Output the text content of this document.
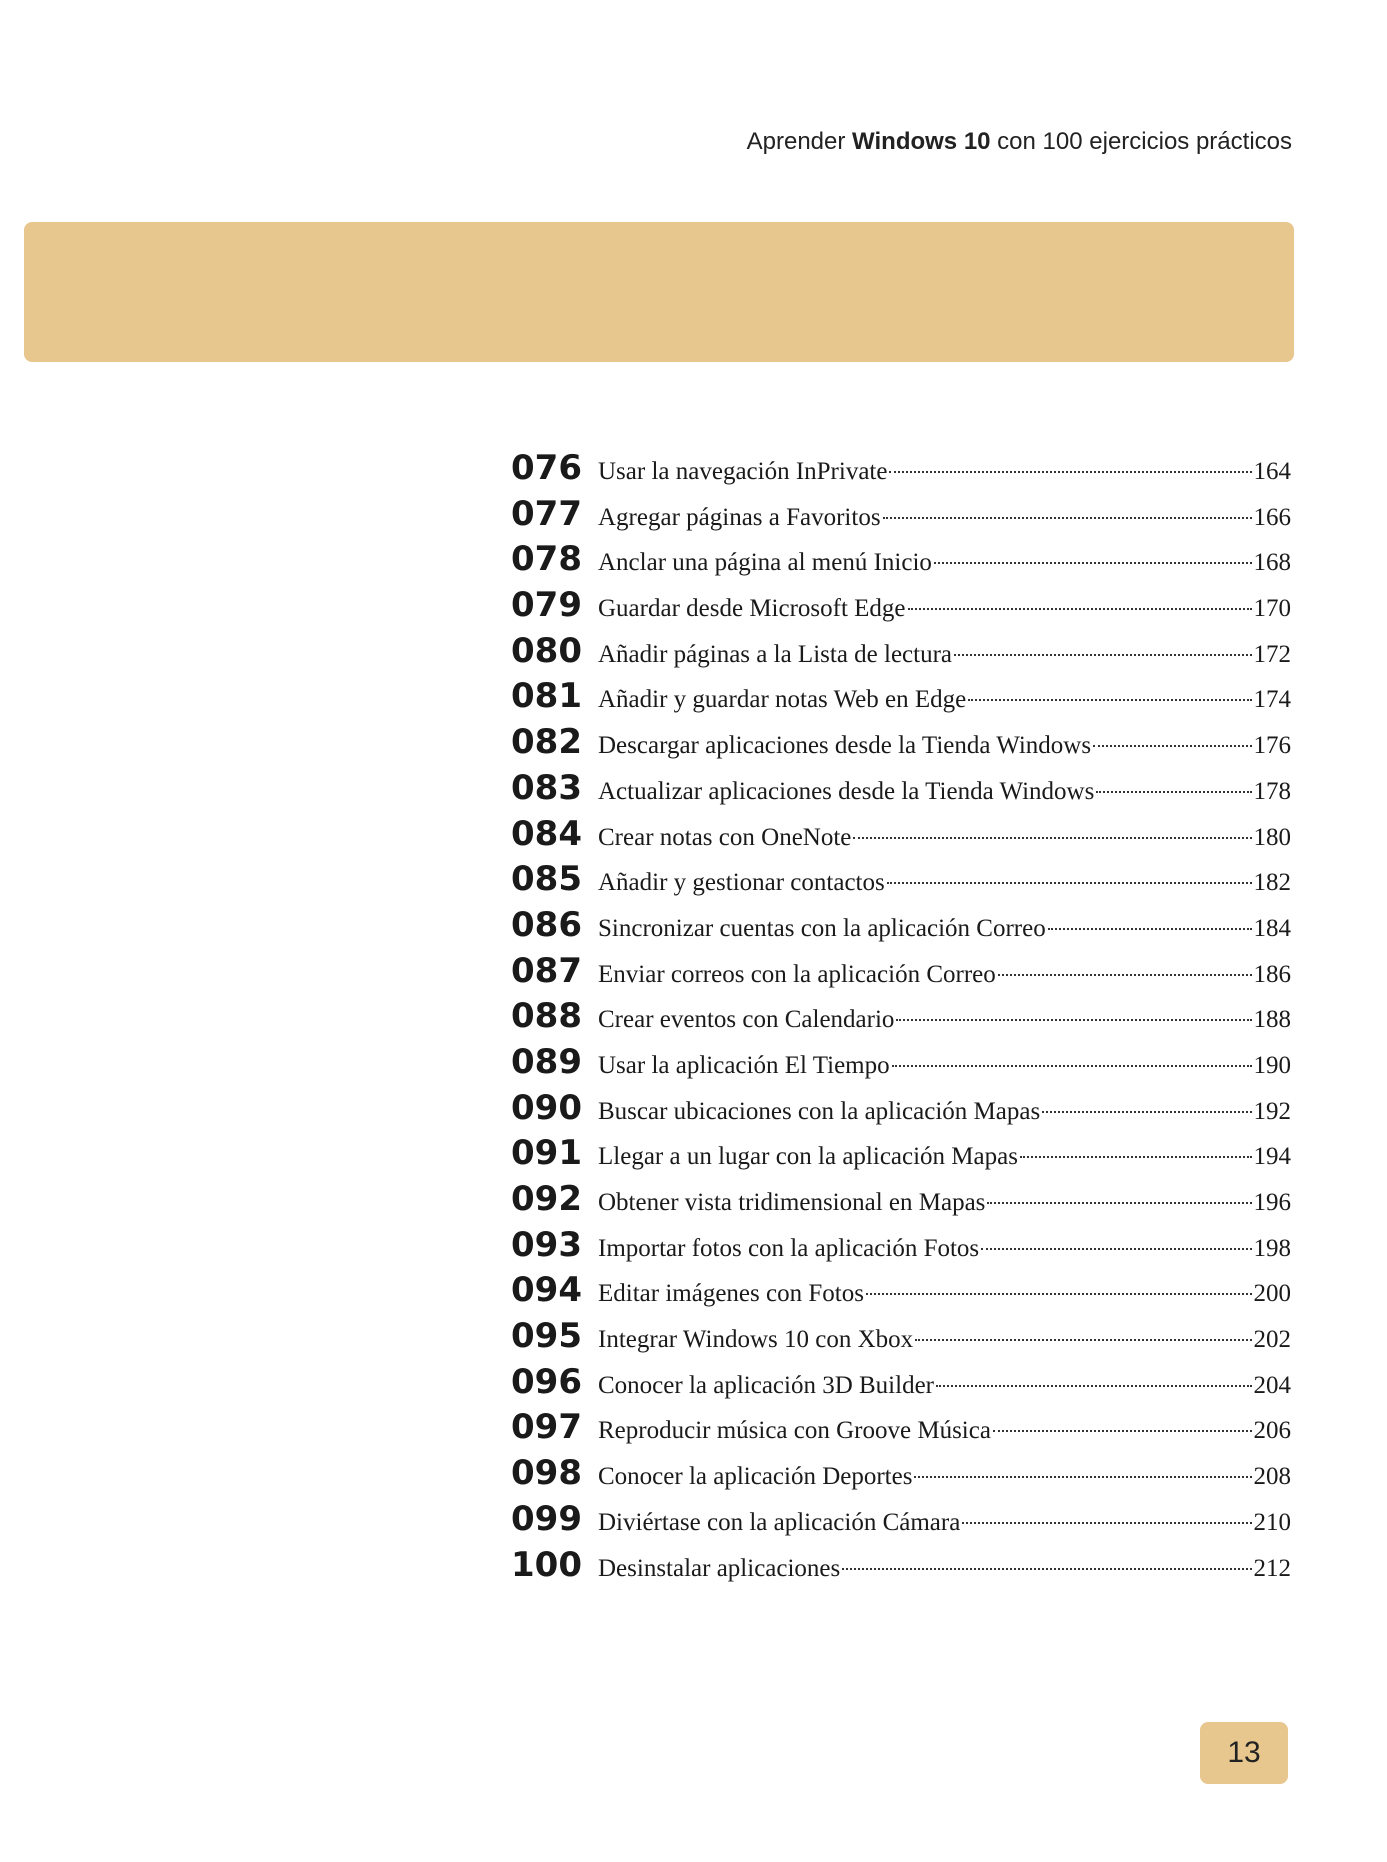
Aprender Windows 10 con 100 ejercicios prácticos
076 Usar la navegación InPrivate	164
077 Agregar páginas a Favoritos	166
078 Anclar una página al menú Inicio	168
079 Guardar desde Microsoft Edge	170
080 Añadir páginas a la Lista de lectura	172
081 Añadir y guardar notas Web en Edge	174
082 Descargar aplicaciones desde la Tienda Windows	176
083 Actualizar aplicaciones desde la Tienda Windows	178
084 Crear notas con OneNote	180
085 Añadir y gestionar contactos	182
086 Sincronizar cuentas con la aplicación Correo	184
087 Enviar correos con la aplicación Correo	186
088 Crear eventos con Calendario	188
089 Usar la aplicación El Tiempo	190
090 Buscar ubicaciones con la aplicación Mapas	192
091 Llegar a un lugar con la aplicación Mapas	194
092 Obtener vista tridimensional en Mapas	196
093 Importar fotos con la aplicación Fotos	198
094 Editar imágenes con Fotos	200
095 Integrar Windows 10 con Xbox	202
096 Conocer la aplicación 3D Builder	204
097 Reproducir música con Groove Música	206
098 Conocer la aplicación Deportes	208
099 Diviértase con la aplicación Cámara	210
100 Desinstalar aplicaciones	212
13
